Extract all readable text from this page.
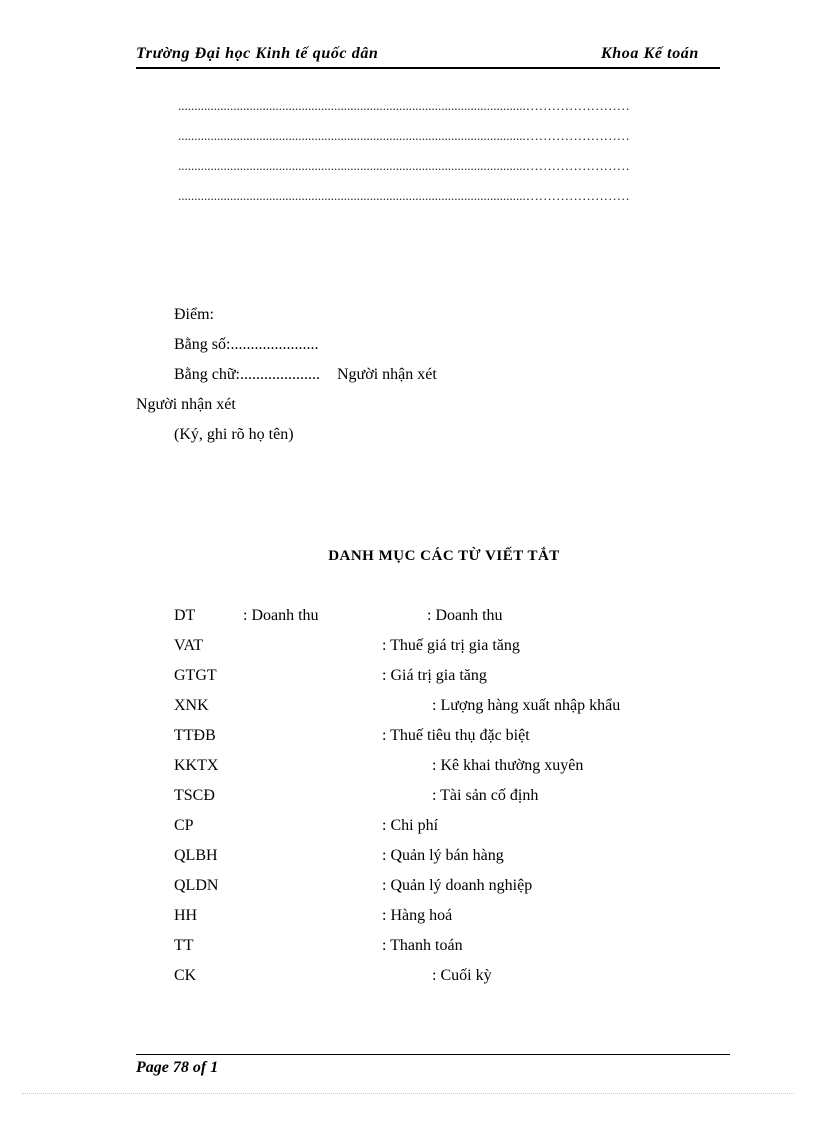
Trường Đại học Kinh tế quốc dân	Khoa Kế toán
...........................................................................................................……………………
...........................................................................................................……………………
...........................................................................................................……………………
...........................................................................................................……………………
Điểm:
Bằng số:......................
Bằng chữ:.................... Người nhận xét
Người nhận xét
(Ký, ghi rõ họ tên)
DANH MỤC CÁC TỪ VIẾT TẮT
DT	: Doanh thu	: Doanh thu
VAT	: Thuế giá trị gia tăng
GTGT	: Giá trị gia tăng
XNK	: Lượng hàng xuất nhập khẩu
TTĐB	: Thuế tiêu thụ đặc biệt
KKTX	: Kê khai thường xuyên
TSCĐ	: Tài sản cố định
CP	: Chi phí
QLBH	: Quản lý bán hàng
QLDN	: Quản lý doanh nghiệp
HH	: Hàng hoá
TT	: Thanh toán
CK	: Cuối kỳ
Page 78 of 1
